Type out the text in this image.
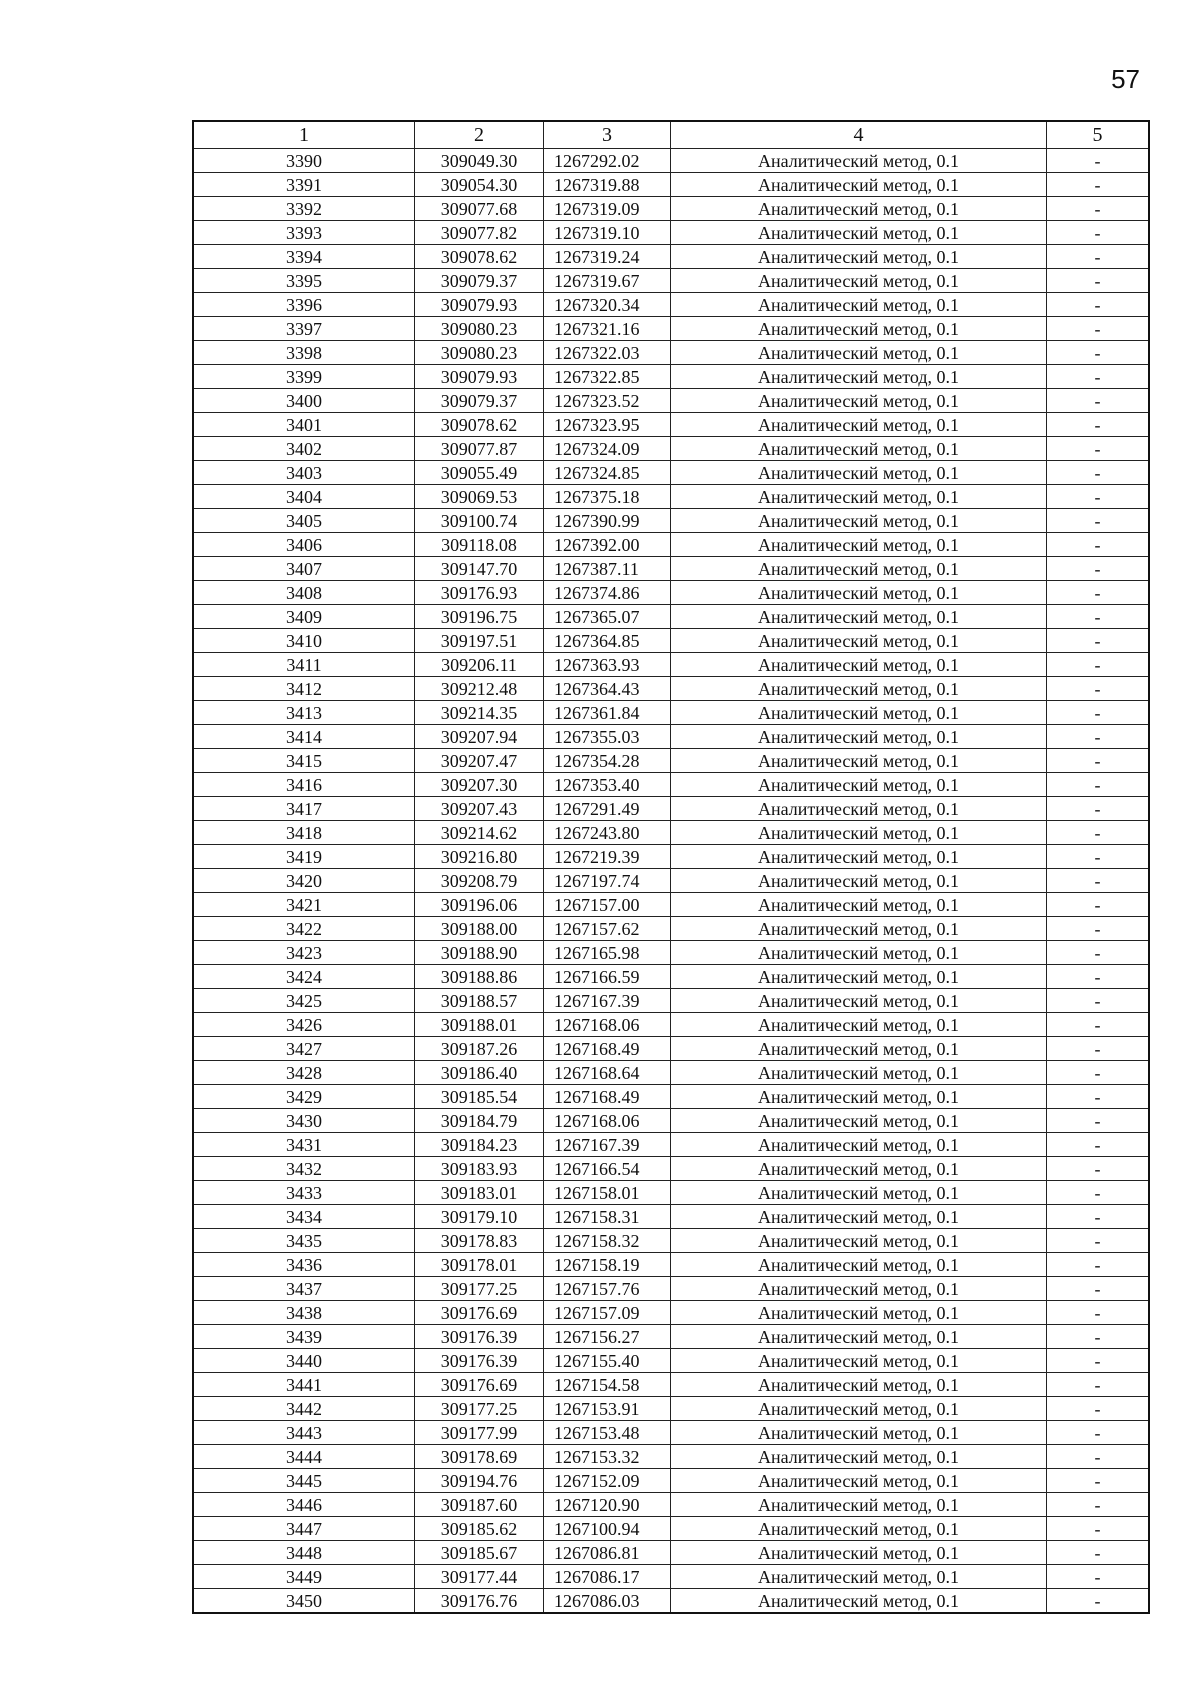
57
1	2	3	4	5
3390	309049.30	1267292.02	Аналитический метод, 0.1	-
3391	309054.30	1267319.88	Аналитический метод, 0.1	-
3392	309077.68	1267319.09	Аналитический метод, 0.1	-
3393	309077.82	1267319.10	Аналитический метод, 0.1	-
3394	309078.62	1267319.24	Аналитический метод, 0.1	-
3395	309079.37	1267319.67	Аналитический метод, 0.1	-
3396	309079.93	1267320.34	Аналитический метод, 0.1	-
3397	309080.23	1267321.16	Аналитический метод, 0.1	-
3398	309080.23	1267322.03	Аналитический метод, 0.1	-
3399	309079.93	1267322.85	Аналитический метод, 0.1	-
3400	309079.37	1267323.52	Аналитический метод, 0.1	-
3401	309078.62	1267323.95	Аналитический метод, 0.1	-
3402	309077.87	1267324.09	Аналитический метод, 0.1	-
3403	309055.49	1267324.85	Аналитический метод, 0.1	-
3404	309069.53	1267375.18	Аналитический метод, 0.1	-
3405	309100.74	1267390.99	Аналитический метод, 0.1	-
3406	309118.08	1267392.00	Аналитический метод, 0.1	-
3407	309147.70	1267387.11	Аналитический метод, 0.1	-
3408	309176.93	1267374.86	Аналитический метод, 0.1	-
3409	309196.75	1267365.07	Аналитический метод, 0.1	-
3410	309197.51	1267364.85	Аналитический метод, 0.1	-
3411	309206.11	1267363.93	Аналитический метод, 0.1	-
3412	309212.48	1267364.43	Аналитический метод, 0.1	-
3413	309214.35	1267361.84	Аналитический метод, 0.1	-
3414	309207.94	1267355.03	Аналитический метод, 0.1	-
3415	309207.47	1267354.28	Аналитический метод, 0.1	-
3416	309207.30	1267353.40	Аналитический метод, 0.1	-
3417	309207.43	1267291.49	Аналитический метод, 0.1	-
3418	309214.62	1267243.80	Аналитический метод, 0.1	-
3419	309216.80	1267219.39	Аналитический метод, 0.1	-
3420	309208.79	1267197.74	Аналитический метод, 0.1	-
3421	309196.06	1267157.00	Аналитический метод, 0.1	-
3422	309188.00	1267157.62	Аналитический метод, 0.1	-
3423	309188.90	1267165.98	Аналитический метод, 0.1	-
3424	309188.86	1267166.59	Аналитический метод, 0.1	-
3425	309188.57	1267167.39	Аналитический метод, 0.1	-
3426	309188.01	1267168.06	Аналитический метод, 0.1	-
3427	309187.26	1267168.49	Аналитический метод, 0.1	-
3428	309186.40	1267168.64	Аналитический метод, 0.1	-
3429	309185.54	1267168.49	Аналитический метод, 0.1	-
3430	309184.79	1267168.06	Аналитический метод, 0.1	-
3431	309184.23	1267167.39	Аналитический метод, 0.1	-
3432	309183.93	1267166.54	Аналитический метод, 0.1	-
3433	309183.01	1267158.01	Аналитический метод, 0.1	-
3434	309179.10	1267158.31	Аналитический метод, 0.1	-
3435	309178.83	1267158.32	Аналитический метод, 0.1	-
3436	309178.01	1267158.19	Аналитический метод, 0.1	-
3437	309177.25	1267157.76	Аналитический метод, 0.1	-
3438	309176.69	1267157.09	Аналитический метод, 0.1	-
3439	309176.39	1267156.27	Аналитический метод, 0.1	-
3440	309176.39	1267155.40	Аналитический метод, 0.1	-
3441	309176.69	1267154.58	Аналитический метод, 0.1	-
3442	309177.25	1267153.91	Аналитический метод, 0.1	-
3443	309177.99	1267153.48	Аналитический метод, 0.1	-
3444	309178.69	1267153.32	Аналитический метод, 0.1	-
3445	309194.76	1267152.09	Аналитический метод, 0.1	-
3446	309187.60	1267120.90	Аналитический метод, 0.1	-
3447	309185.62	1267100.94	Аналитический метод, 0.1	-
3448	309185.67	1267086.81	Аналитический метод, 0.1	-
3449	309177.44	1267086.17	Аналитический метод, 0.1	-
3450	309176.76	1267086.03	Аналитический метод, 0.1	-
